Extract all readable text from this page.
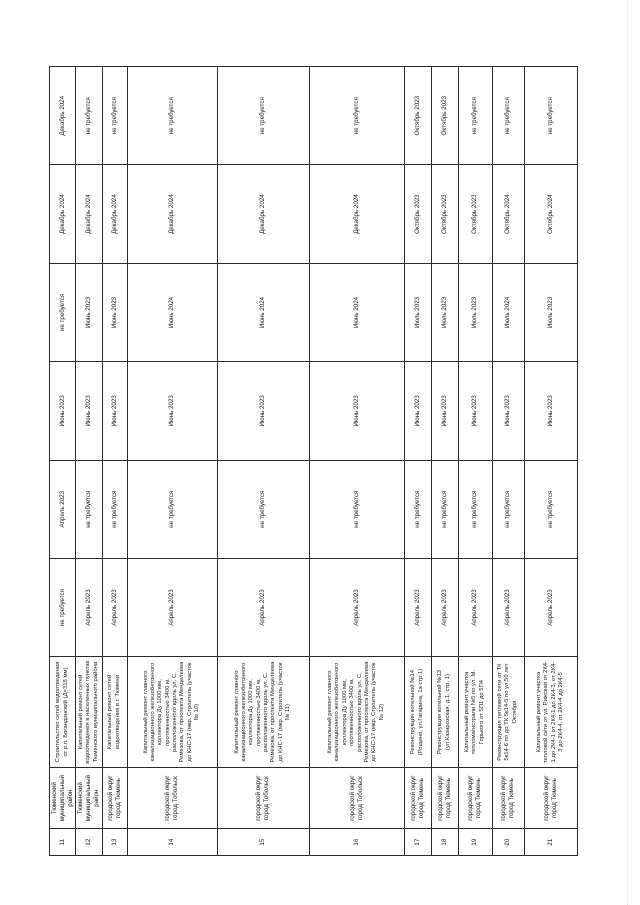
11	Тюменский муниципальный район	Строительство сетей водоотведения от р.п. Богандинский (Д=315 мм)	не требуется	Апрель 2023	Июнь 2023	не требуется	Декабрь 2024	Декабрь 2024
12	Тюменский муниципальный район	Капитальный ремонт сетей водоотведения в населенных пунктах Тюменского муниципального района	Апрель 2023	не требуется	Июнь 2023	Июнь 2023	Декабрь 2024	не требуется
13	городской округ город Тюмень	Капитальный ремонт сетей водоотведения в г. Тюмени	Апрель 2023	не требуется	Июнь 2023	Июнь 2023	Декабрь 2024	не требуется
14	городской округ город Тобольск	Капитальный ремонт главного канализационного железобетонного коллектора Ду 1000 мм, протяженностью 3400 м, расположенного вдоль ул. С. Ремезова, от проспекта Менделеева до КНС-17 (мкр. Строитель (участок № 10)	Апрель 2023	не требуется	Июнь 2023	Июнь 2024	Декабрь 2024	не требуется
15	городской округ город Тобольск	Капитальный ремонт главного канализационного железобетонного коллектора Ду 1000 мм, протяженностью 3400 м, расположенного вдоль ул. С. Ремезова, от проспекта Менделеева до КНС-17 (мкр. Строитель (участок № 11)	Апрель 2023	не требуется	Июнь 2023	Июнь 2024	Декабрь 2024	не требуется
16	городской округ город Тобольск	Капитальный ремонт главного канализационного железобетонного коллектора Ду 1000 мм, протяженностью 3400 м, расположенного вдоль ул. С. Ремезова, от проспекта Менделеева до КНС-17 (мкр. Строитель (участок № 12)	Апрель 2023	не требуется	Июнь 2023	Июнь 2024	Декабрь 2024	не требуется
17	городской округ город Тюмень	Реконструкция котельной №14 (Рощино, ул.Гагарина, 1а стр.1)	Апрель 2023	не требуется	Июнь 2023	Июль 2023	Октябрь 2023	Октябрь 2023
18	городской округ город Тюмень	Реконструкция котельной №13 (ул.Казарозская, д.1, стр. 1)	Апрель 2023	не требуется	Июнь 2023	Июль 2023	Октябрь 2023	Октябрь 2023
19	городской округ город Тюмень	Капитальный ремонт участка тепломагистрали №5 по ул. М. Горького от 5П1 до 5П4	Апрель 2023	не требуется	Июнь 2023	Июль 2023	Октябрь 2023	не требуется
20	городской округ город Тюмень	Реконструкция тепловой сети от ТК 5к14-6 по до ТК 5к14-5 по ул.50 лет Октября	Апрель 2023	не требуется	Июнь 2023	Июль 2024	Октябрь 2024	не требуется
21	городской округ город Тюмень	Капитальный ремонт участка тепловой сети от ул. Рижская от 2К4-1 до 2К4-1 от 2К4-1 до 2К4-3, от 2К4-3 до 2К4-4, от 2К4-4 до 2К4-5	Апрель 2023	не требуется	Июнь 2023	Июль 2023	Октябрь 2024	не требуется
